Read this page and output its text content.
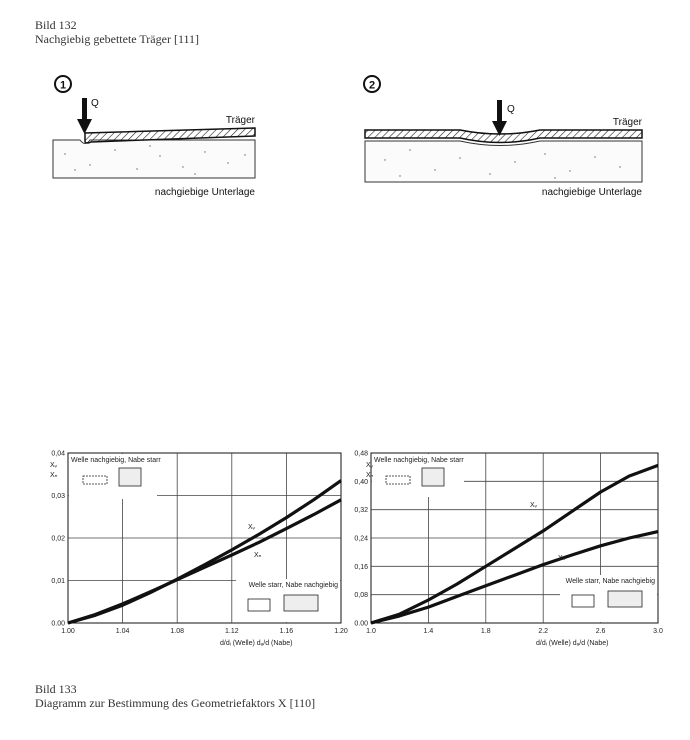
Bild 132
Nachgiebig gebettete Träger [111]
1
Q
Träger
nachgiebige Unterlage
2
Q
Träger
nachgiebige Unterlage
Welle nachgiebig, Nabe starr
Welle starr, Nabe nachgiebig
1.00	1.04	1.08	1.12	1.16	1.20
0.00
0,01
0,02
0,03
0,04
Xᵥ
Xₙ
Xᵥ
Xₙ
d/dᵢ (Welle) dₐ/d (Nabe)
Welle nachgiebig, Nabe starr
Welle starr, Nabe nachgiebig
1.0	1.4	1.8	2.2	2.6	3.0
0.00
0,08
0,16
0,24
0,32
0,40
0,48
Xᵥ
Xₙ
Xᵥ
Xₙ
d/dᵢ (Welle) dₐ/d (Nabe)
Bild 133
Diagramm zur Bestimmung des Geometriefaktors X [110]
